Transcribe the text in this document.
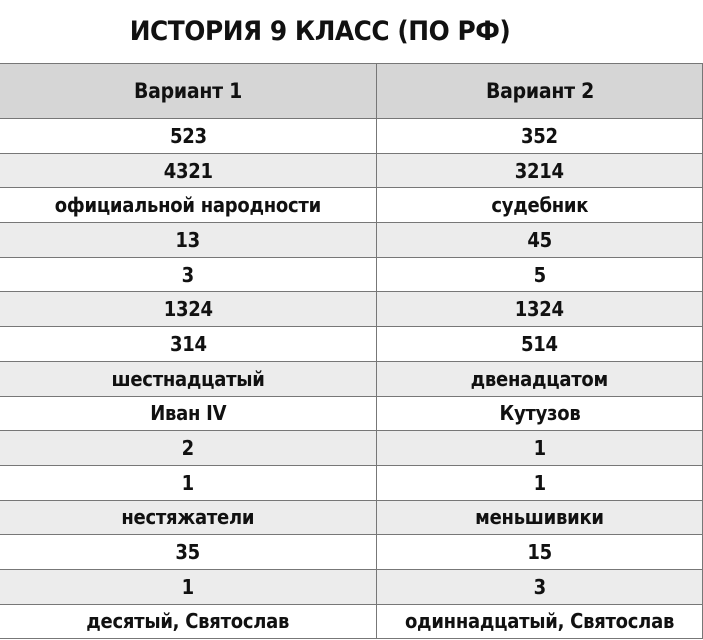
ИСТОРИЯ 9 КЛАСС (ПО РФ)
Вариант 1	Вариант 2
523	352
4321	3214
официальной народности	судебник
13	45
3	5
1324	1324
314	514
шестнадцатый	двенадцатом
Иван IV	Кутузов
2	1
1	1
нестяжатели	меньшивики
35	15
1	3
десятый, Святослав	одиннадцатый, Святослав
